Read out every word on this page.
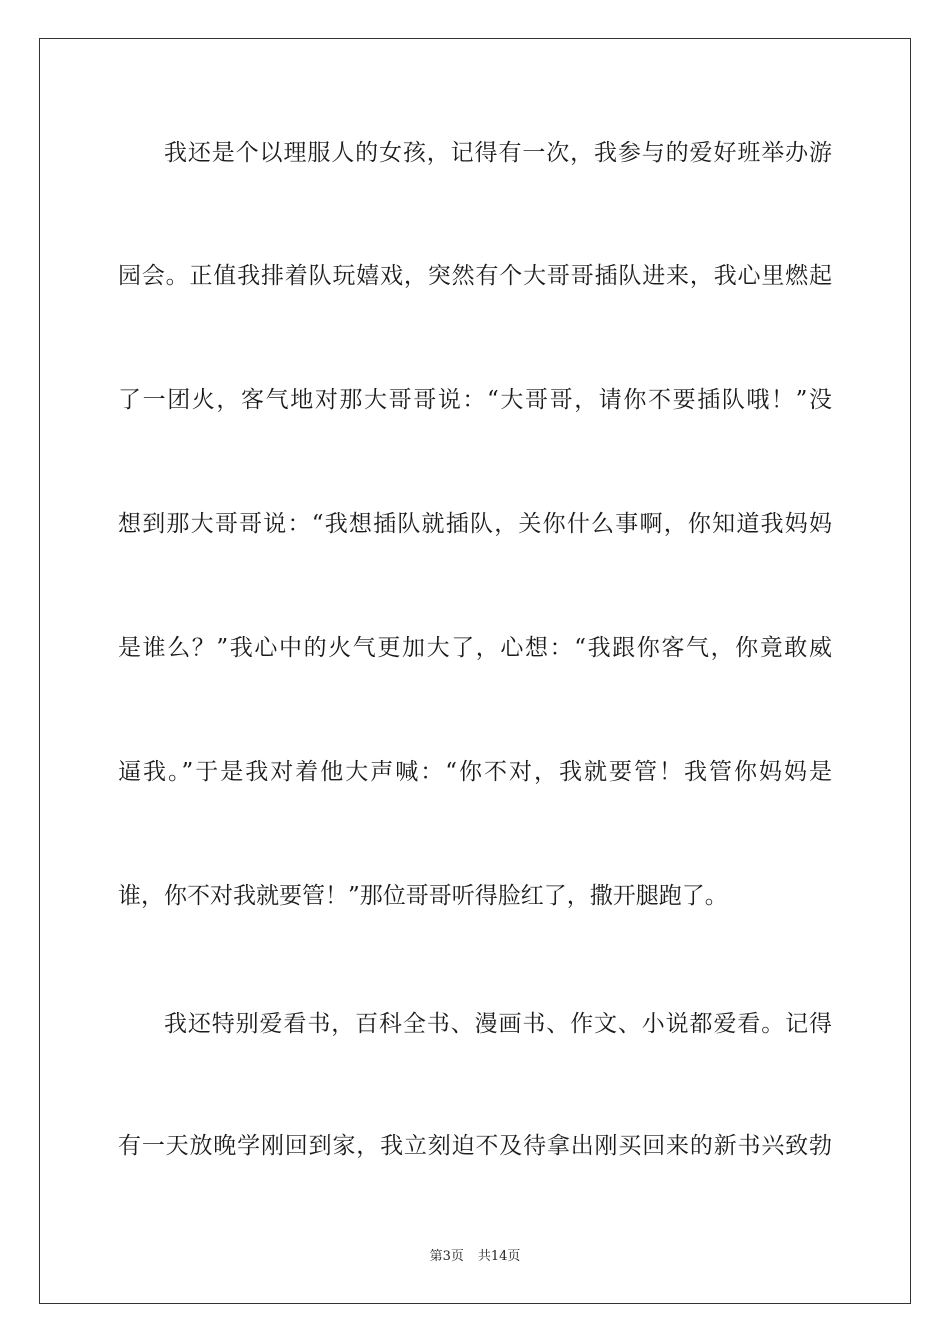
我还是个以理服人的女孩，记得有一次，我参与的爱好班举办游
园会。正值我排着队玩嬉戏，突然有个大哥哥插队进来，我心里燃起
了一团火，客气地对那大哥哥说：“大哥哥，请你不要插队哦！”没
想到那大哥哥说：“我想插队就插队，关你什么事啊，你知道我妈妈
是谁么？”我心中的火气更加大了，心想：“我跟你客气，你竟敢威
逼我。”于是我对着他大声喊：“你不对，我就要管！我管你妈妈是
谁，你不对我就要管！”那位哥哥听得脸红了，撒开腿跑了。
我还特别爱看书，百科全书、漫画书、作文、小说都爱看。记得
有一天放晚学刚回到家，我立刻迫不及待拿出刚买回来的新书兴致勃
第3页 共14页
